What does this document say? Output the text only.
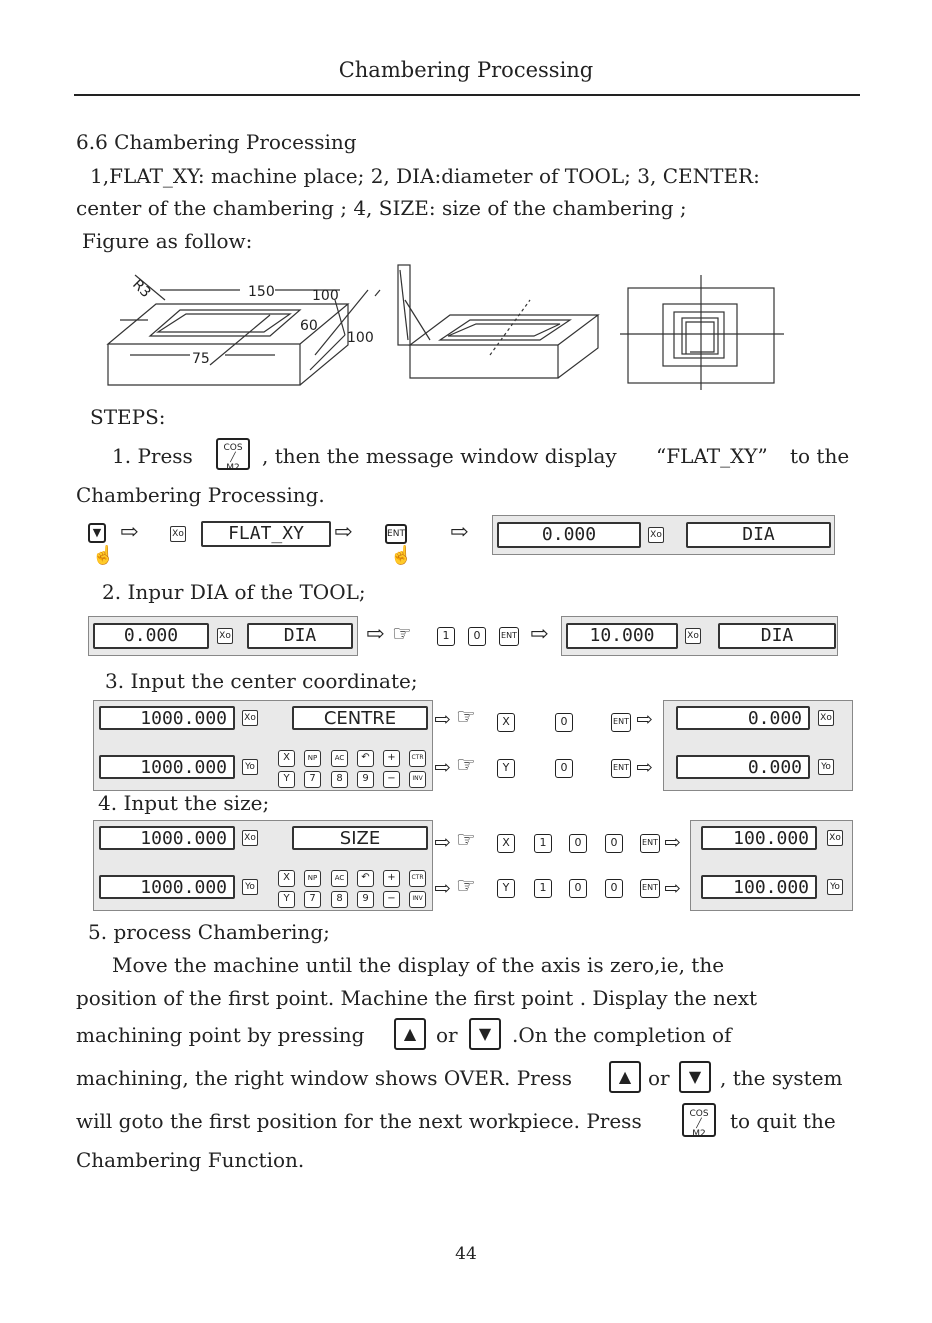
Chambering Processing
6.6 Chambering Processing
1,FLAT_XY: machine place; 2, DIA:diameter of TOOL; 3, CENTER:
center of the chambering ; 4, SIZE: size of the chambering ;
Figure as follow:
R3	150	100
60
100
75
STEPS:
1. Press	COS
╱
M2	, then the message window display “FLAT_XY” to the
Chambering Processing.
▼
☝
⇨	Xo	FLAT_XY	⇨	ENT
☝
⇨	0.000	Xo	DIA
2. Inpur DIA of the TOOL;
0.000	Xo	DIA	⇨ ☞	1	0	ENT ⇨	10.000	Xo	DIA
3. Input the center coordinate;
1000.000	Xo	CENTRE
1000.000	Yo
X	NP	AC	↶	+	CTR
Y	7	8	9	−	INV
⇨ ☞	X	0	ENT ⇨
⇨ ☞	Y	0	ENT ⇨
0.000	Xo
0.000	Yo
4. Input the size;
1000.000	Xo	SIZE
1000.000	Yo
X	NP	AC	↶	+	CTR
Y	7	8	9	−	INV
⇨ ☞	X	1	0	0	ENT ⇨
⇨ ☞	Y	1	0	0	ENT ⇨
100.000	Xo
100.000	Yo
5. process Chambering;
Move the machine until the display of the axis is zero,ie, the
position of the first point. Machine the first point . Display the next
machining point by pressing	▲ or	▼	.On the completion of
machining, the right window shows OVER. Press	▲ or	▼ , the system
will goto the first position for the next workpiece. Press	COS
╱
M2
to quit the
Chambering Function.
44
